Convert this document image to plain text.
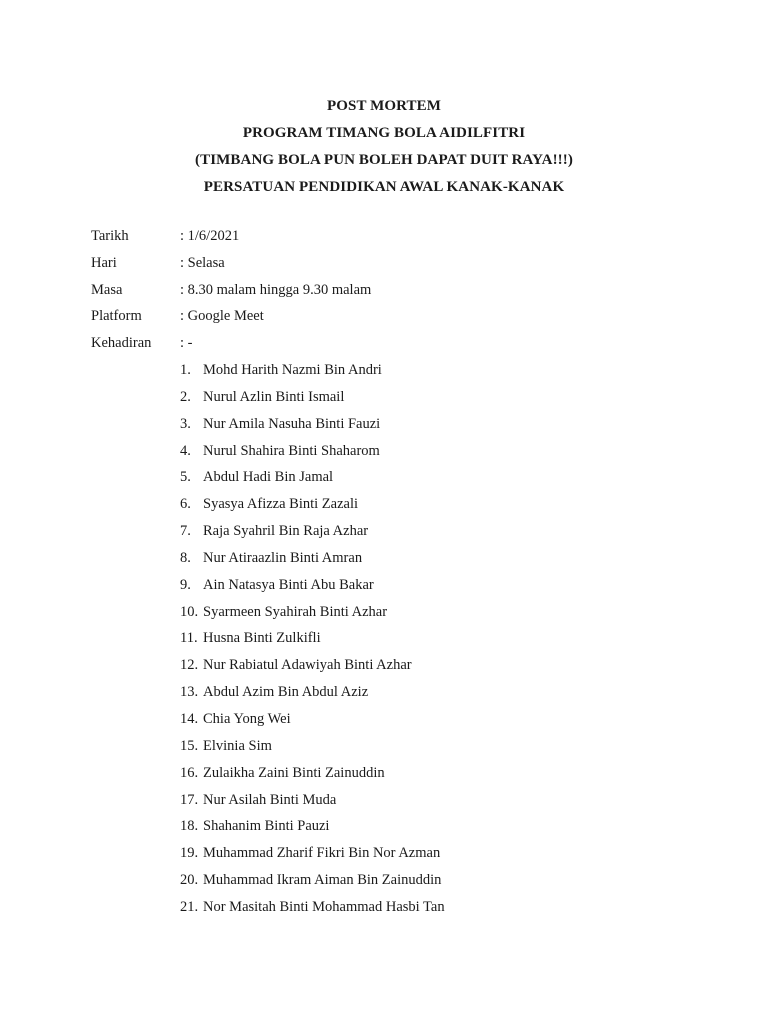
POST MORTEM
PROGRAM TIMANG BOLA AIDILFITRI
(TIMBANG BOLA PUN BOLEH DAPAT DUIT RAYA!!!)
PERSATUAN PENDIDIKAN AWAL KANAK-KANAK
Tarikh	: 1/6/2021
Hari	: Selasa
Masa	: 8.30 malam hingga 9.30 malam
Platform	: Google Meet
Kehadiran : -
1. Mohd Harith Nazmi Bin Andri
2. Nurul Azlin Binti Ismail
3. Nur Amila Nasuha Binti Fauzi
4. Nurul Shahira Binti Shaharom
5. Abdul Hadi Bin Jamal
6. Syasya Afizza Binti Zazali
7. Raja Syahril Bin Raja Azhar
8. Nur Atiraazlin Binti Amran
9. Ain Natasya Binti Abu Bakar
10. Syarmeen Syahirah Binti Azhar
11. Husna Binti Zulkifli
12. Nur Rabiatul Adawiyah Binti Azhar
13. Abdul Azim Bin Abdul Aziz
14. Chia Yong Wei
15. Elvinia Sim
16. Zulaikha Zaini Binti Zainuddin
17. Nur Asilah Binti Muda
18. Shahanim Binti Pauzi
19. Muhammad Zharif Fikri Bin Nor Azman
20. Muhammad Ikram Aiman Bin Zainuddin
21. Nor Masitah Binti Mohammad Hasbi Tan
